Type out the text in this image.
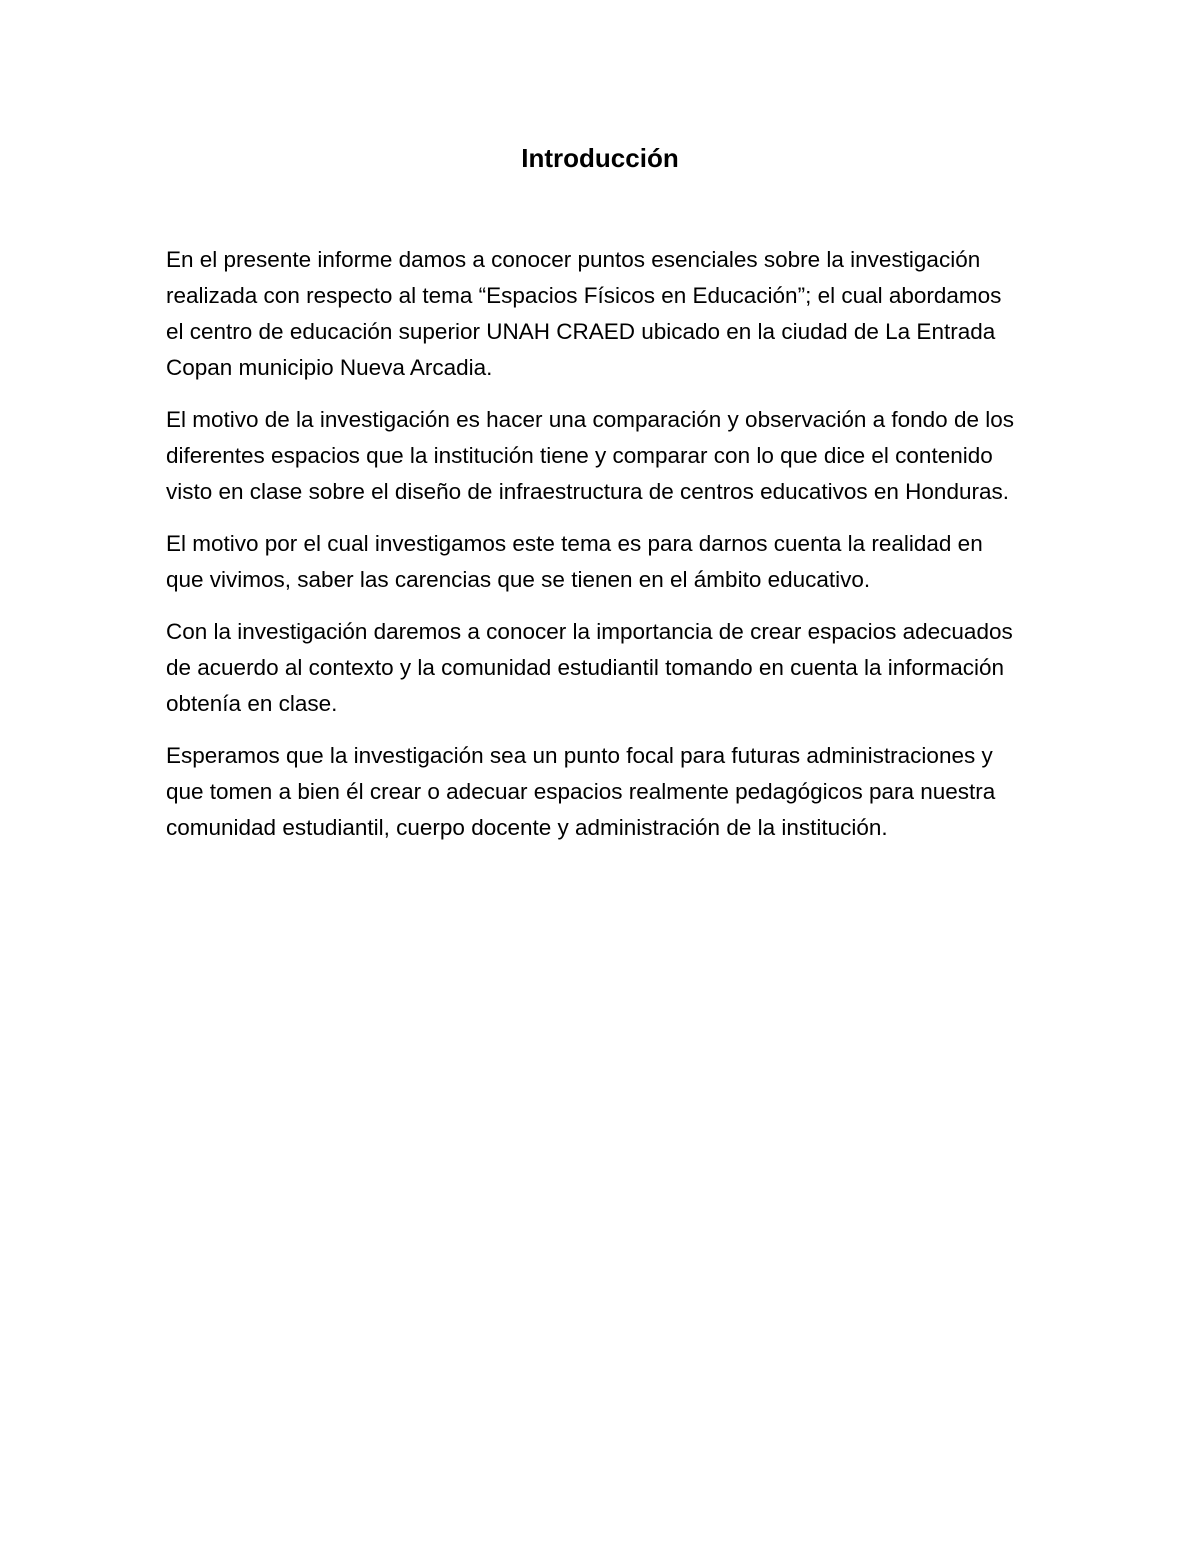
Introducción

En el presente informe damos a conocer puntos esenciales sobre la investigación realizada con respecto al tema “Espacios Físicos en Educación”; el cual abordamos el centro de educación superior UNAH CRAED ubicado en la ciudad de La Entrada Copan municipio Nueva Arcadia.

El motivo de la investigación es hacer una comparación y observación a fondo de los diferentes espacios que la institución tiene y comparar con lo que dice el contenido visto en clase sobre el diseño de infraestructura de centros educativos en Honduras.

El motivo por el cual investigamos este tema es para darnos cuenta la realidad en que vivimos, saber las carencias que se tienen en el ámbito educativo.

Con la investigación daremos a conocer la importancia de crear espacios adecuados de acuerdo al contexto y la comunidad estudiantil tomando en cuenta la información obtenía en clase.

Esperamos que la investigación sea un punto focal para futuras administraciones y que tomen a bien él crear o adecuar espacios realmente pedagógicos para nuestra comunidad estudiantil, cuerpo docente y administración de la institución.
